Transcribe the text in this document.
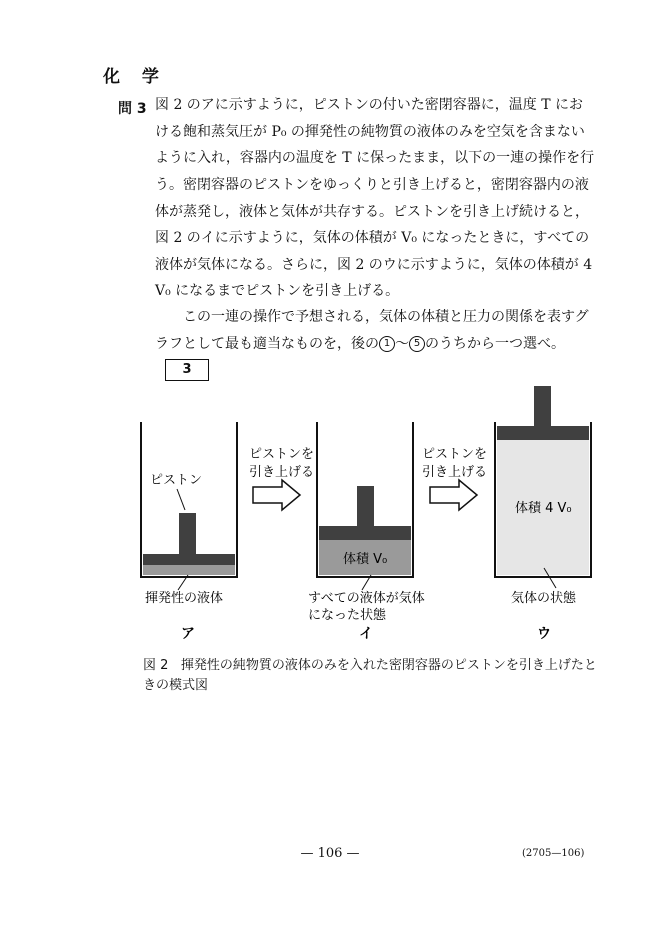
化 学
問 3 図 2 のアに示すように，ピストンの付いた密閉容器に，温度 T における飽和蒸気圧が P₀ の揮発性の純物質の液体のみを空気を含まないように入れ，容器内の温度を T に保ったまま，以下の一連の操作を行う。 密閉容器のピストンをゆっくりと引き上げると，密閉容器内の液体が蒸発し，液体と気体が共存する。ピストンを引き上げ続けると，図 2 のイに示すように，気体の体積が V₀ になったときに，すべての液体が気体になる。さらに，図 2 のウに示すように，気体の体積が 4 V₀ になるまでピストンを引き上げる。
この一連の操作で予想される，気体の体積と圧力の関係を表すグラフとして最も適当なものを，後の 1 〜 5 のうちから一つ選べ。3
ピストン
揮発性の液体
ア
ピストンを
引き上げる
体積 V₀
すべての液体が気体
になった状態
イ
ピストンを
引き上げる
体積 4 V₀
気体の状態
ウ
図 2 揮発性の純物質の液体のみを入れた密閉容器のピストンを引き上げたときの模式図
— 106 —	(2705—106)
